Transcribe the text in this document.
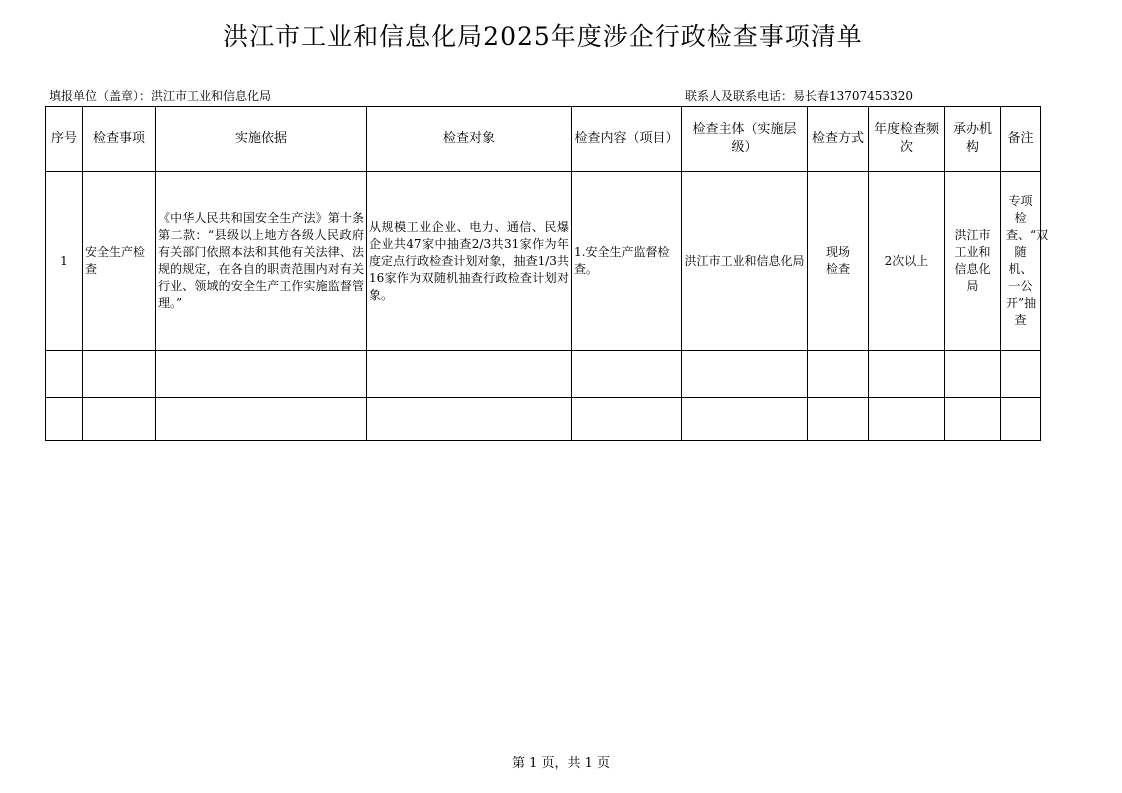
洪江市工业和信息化局2025年度涉企行政检查事项清单
填报单位（盖章）：洪江市工业和信息化局	联系人及联系电话：易长春13707453320
序号	检查事项	实施依据	检查对象	检查内容（项目）	检查主体（实施层级）	检查方式	年度检查频次	承办机构	备注
1	安全生产检查	《中华人民共和国安全生产法》第十条第二款：“县级以上地方各级人民政府有关部门依照本法和其他有关法律、法规的规定，在各自的职责范围内对有关行业、领域的安全生产工作实施监督管理。”	从规模工业企业、电力、通信、民爆企业共47家中抽查2/3共31家作为年度定点行政检查计划对象，抽查1/3共16家作为双随机抽查行政检查计划对象。	1.安全生产监督检查。	洪江市工业和信息化局	现场检查	2次以上	洪江市工业和信息化局	专项检查、“双随机、一公开”抽查

第 1 页，共 1 页
